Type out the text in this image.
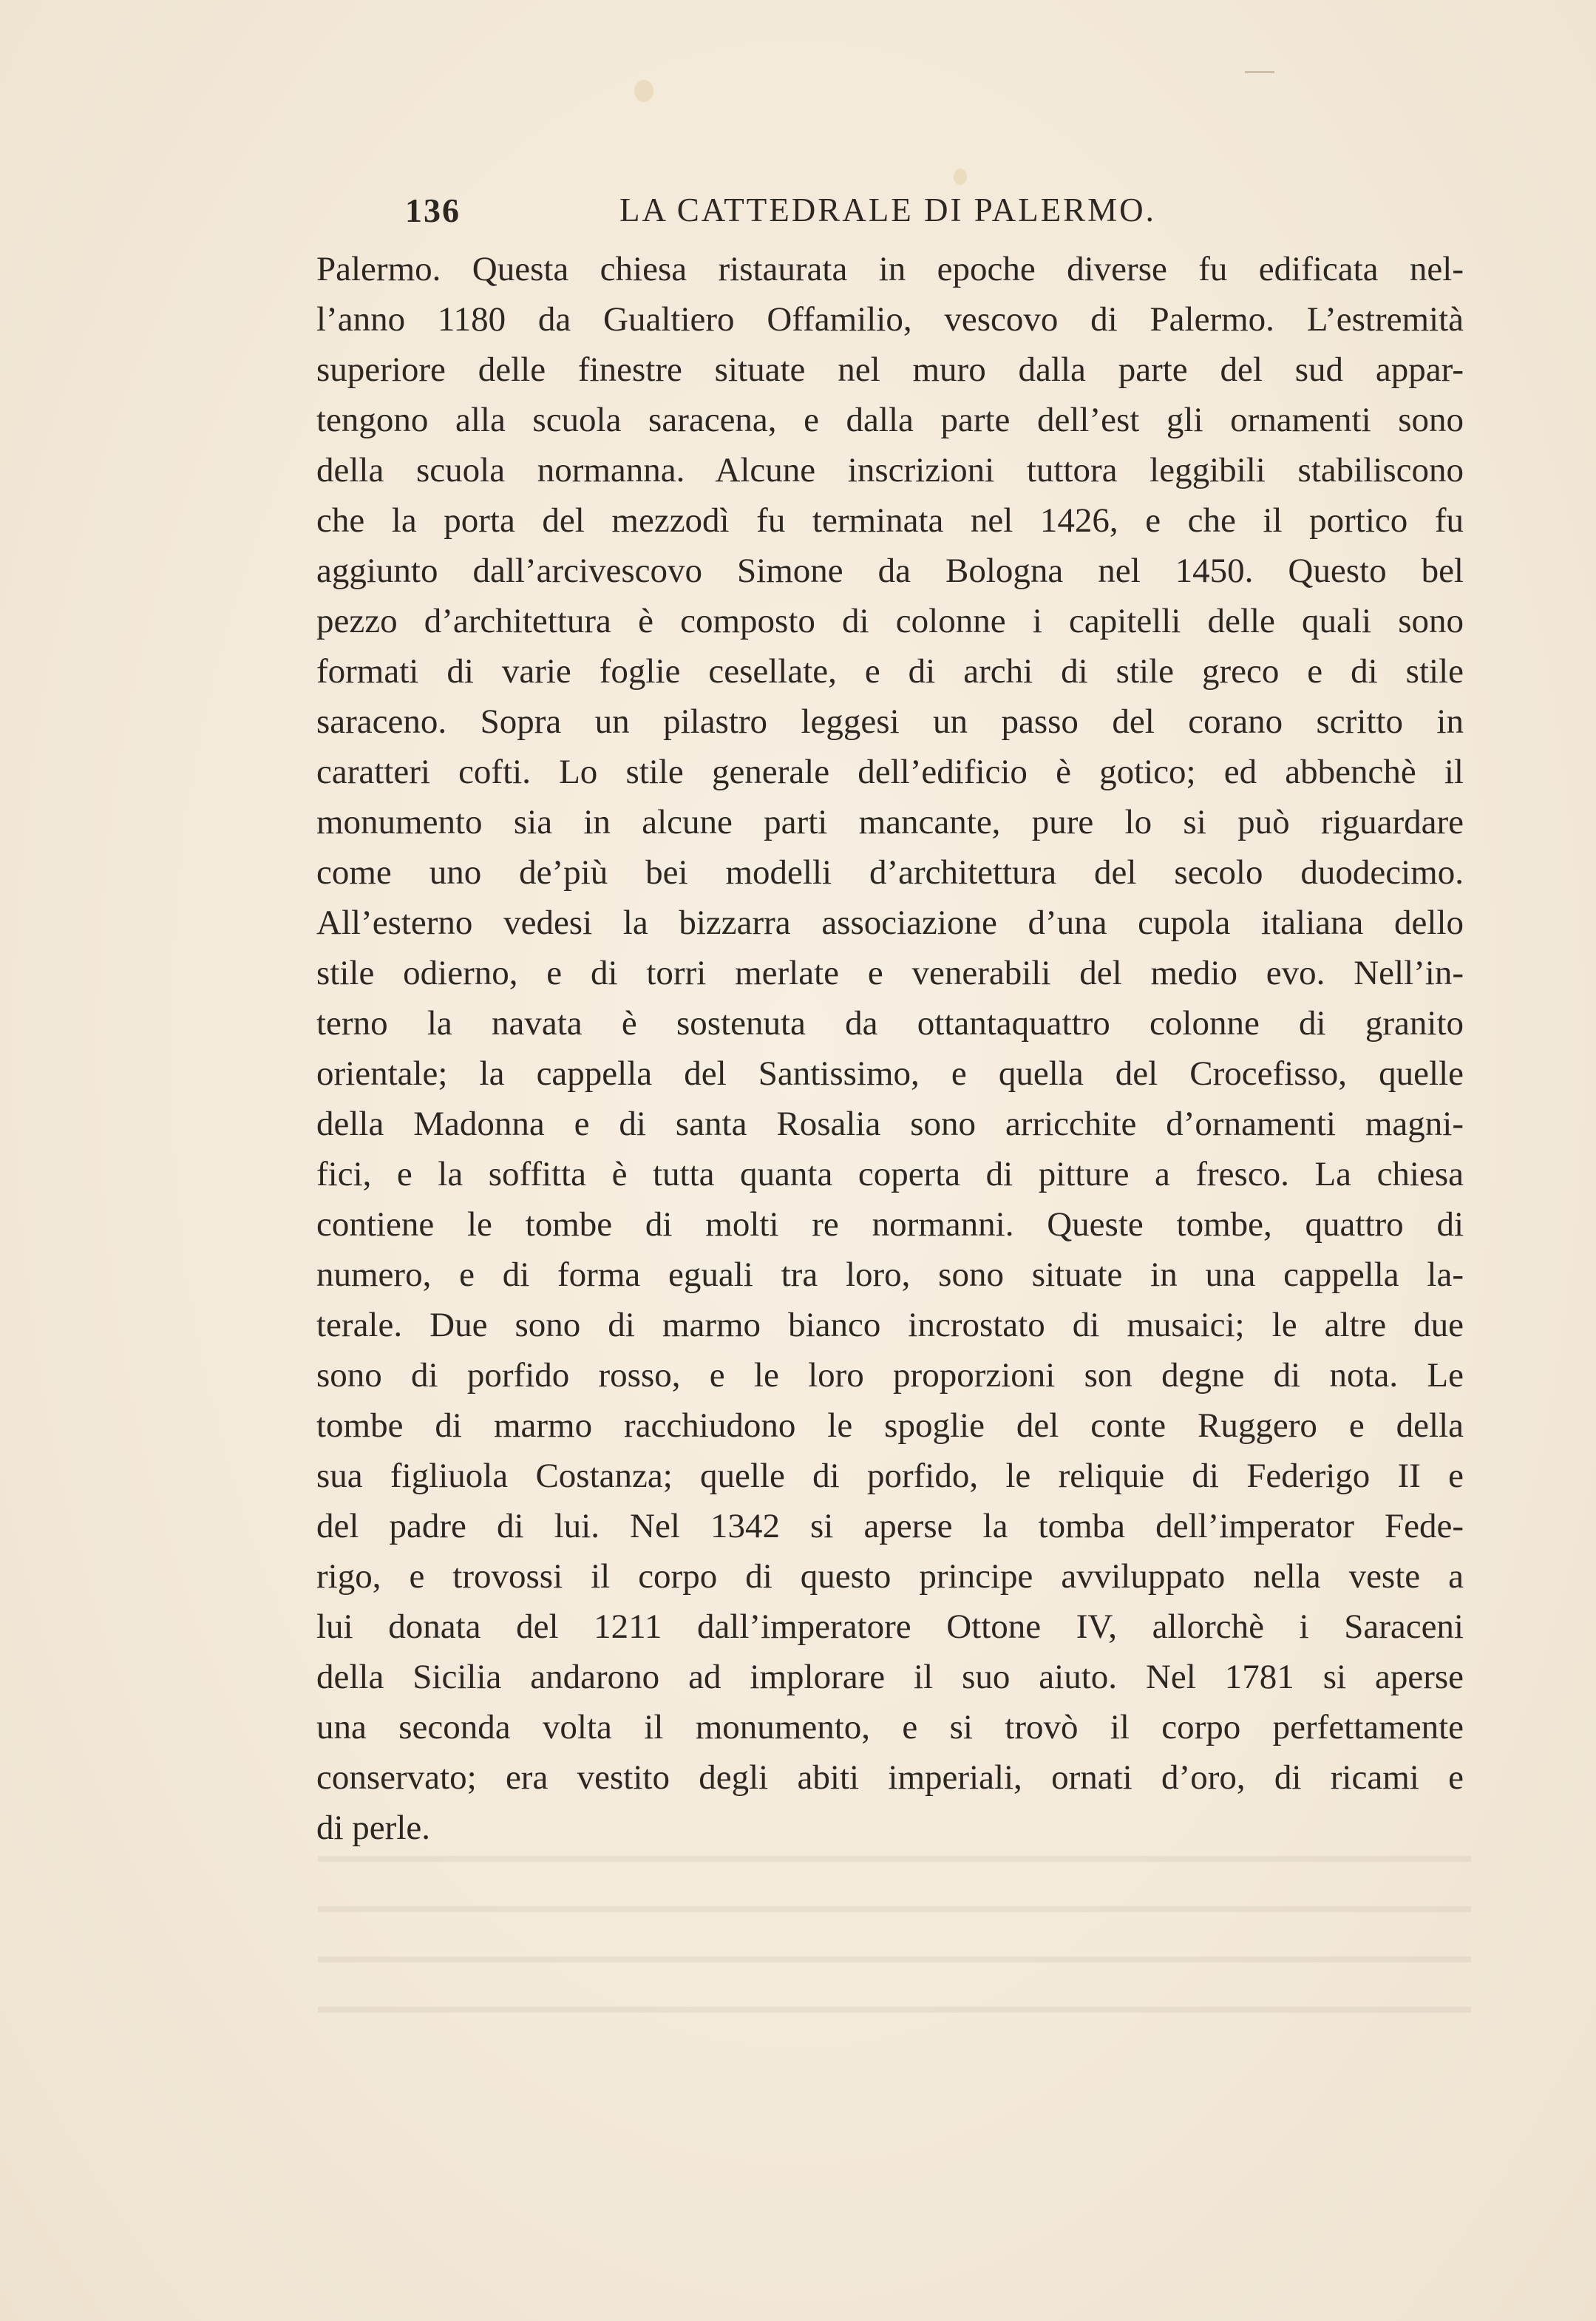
136	LA CATTEDRALE DI PALERMO.
Palermo. Questa chiesa ristaurata in epoche diverse fu edificata nel-
l’anno 1180 da Gualtiero Offamilio, vescovo di Palermo. L’estremità
superiore delle finestre situate nel muro dalla parte del sud appar-
tengono alla scuola saracena, e dalla parte dell’est gli ornamenti sono
della scuola normanna. Alcune inscrizioni tuttora leggibili stabiliscono
che la porta del mezzodì fu terminata nel 1426, e che il portico fu
aggiunto dall’arcivescovo Simone da Bologna nel 1450. Questo bel
pezzo d’architettura è composto di colonne i capitelli delle quali sono
formati di varie foglie cesellate, e di archi di stile greco e di stile
saraceno. Sopra un pilastro leggesi un passo del corano scritto in
caratteri cofti. Lo stile generale dell’edificio è gotico; ed abbenchè il
monumento sia in alcune parti mancante, pure lo si può riguardare
come uno de’più bei modelli d’architettura del secolo duodecimo.
All’esterno vedesi la bizzarra associazione d’una cupola italiana dello
stile odierno, e di torri merlate e venerabili del medio evo. Nell’in-
terno la navata è sostenuta da ottantaquattro colonne di granito
orientale; la cappella del Santissimo, e quella del Crocefisso, quelle
della Madonna e di santa Rosalia sono arricchite d’ornamenti magni-
fici, e la soffitta è tutta quanta coperta di pitture a fresco. La chiesa
contiene le tombe di molti re normanni. Queste tombe, quattro di
numero, e di forma eguali tra loro, sono situate in una cappella la-
terale. Due sono di marmo bianco incrostato di musaici; le altre due
sono di porfido rosso, e le loro proporzioni son degne di nota. Le
tombe di marmo racchiudono le spoglie del conte Ruggero e della
sua figliuola Costanza; quelle di porfido, le reliquie di Federigo II e
del padre di lui. Nel 1342 si aperse la tomba dell’imperator Fede-
rigo, e trovossi il corpo di questo principe avviluppato nella veste a
lui donata del 1211 dall’imperatore Ottone IV, allorchè i Saraceni
della Sicilia andarono ad implorare il suo aiuto. Nel 1781 si aperse
una seconda volta il monumento, e si trovò il corpo perfettamente
conservato; era vestito degli abiti imperiali, ornati d’oro, di ricami e
di perle.
